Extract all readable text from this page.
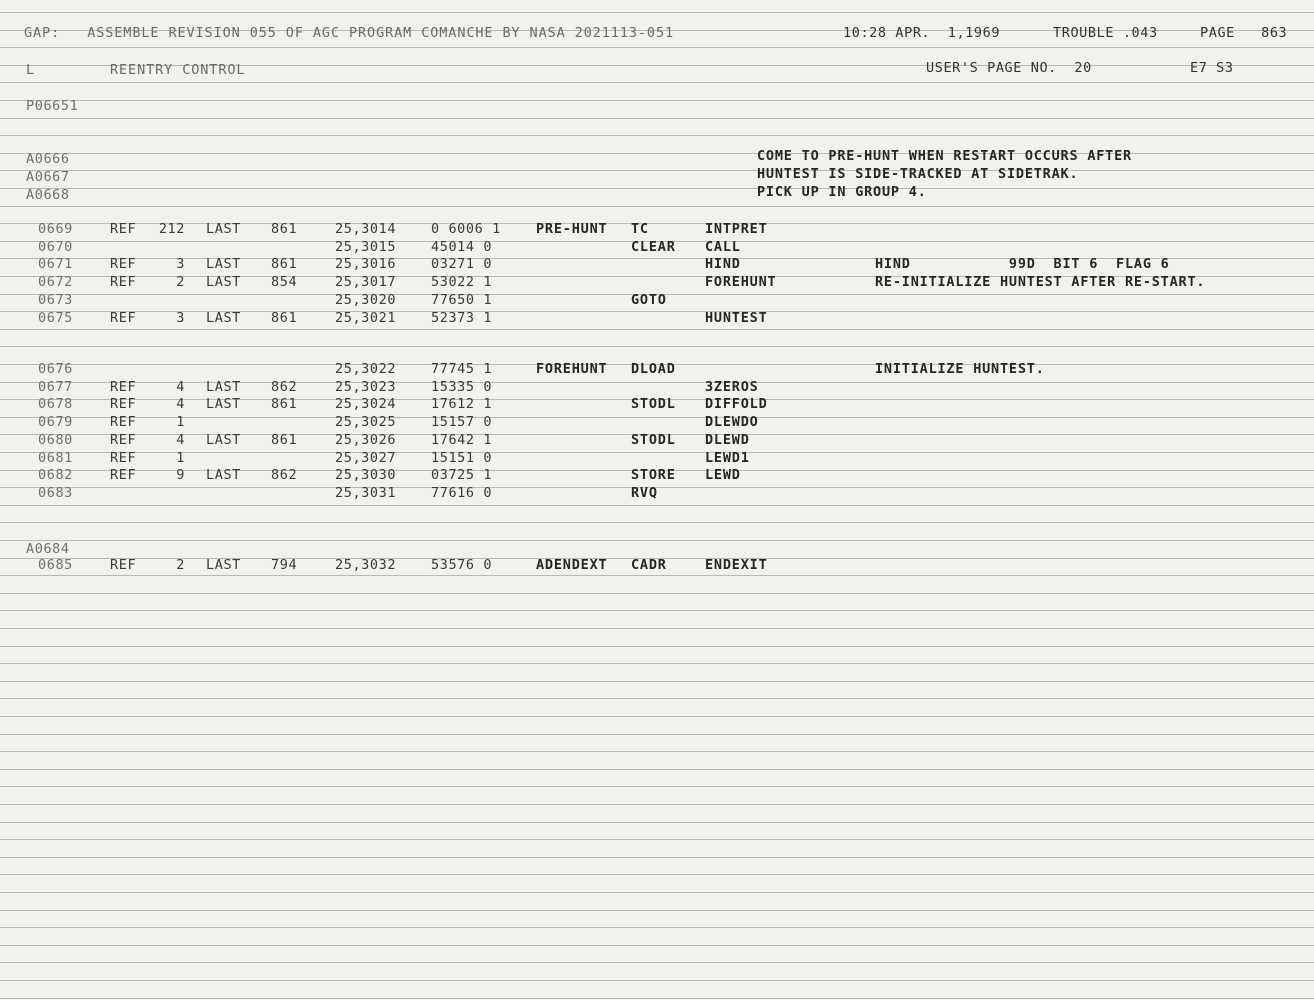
GAP:   ASSEMBLE REVISION 055 OF AGC PROGRAM COMANCHE BY NASA 2021113-051	10:28 APR.  1,1969	TROUBLE .043	PAGE   863
L	REENTRY CONTROL	USER'S PAGE NO.  20	E7 S3
P06651
A0666
A0667
A0668
COME TO PRE-HUNT WHEN RESTART OCCURS AFTER
HUNTEST IS SIDE-TRACKED AT SIDETRAK.
PICK UP IN GROUP 4.
A0684
0669	REF 212 LAST 861	25,3014	0 6006 1	PRE-HUNT TC	INTPRET
0670	25,3015	45014 0	CLEAR CALL
0671	REF	3 LAST 861	25,3016	03271 0	HIND	HIND           99D  BIT 6  FLAG 6
0672	REF	2 LAST 854	25,3017	53022 1	FOREHUNT	RE-INITIALIZE HUNTEST AFTER RE-START.
0673	25,3020	77650 1	GOTO
0675	REF	3 LAST 861	25,3021	52373 1	HUNTEST
0676	25,3022	77745 1	FOREHUNT DLOAD	INITIALIZE HUNTEST.
0677	REF	4 LAST 862	25,3023	15335 0	3ZEROS
0678	REF	4 LAST 861	25,3024	17612 1	STODL DIFFOLD
0679	REF	1	25,3025	15157 0	DLEWDO
0680	REF	4 LAST 861	25,3026	17642 1	STODL DLEWD
0681	REF	1	25,3027	15151 0	LEWD1
0682	REF	9 LAST 862	25,3030	03725 1	STORE LEWD
0683	25,3031	77616 0	RVQ
0685	REF	2 LAST 794	25,3032	53576 0	ADENDEXT CADR	ENDEXIT
